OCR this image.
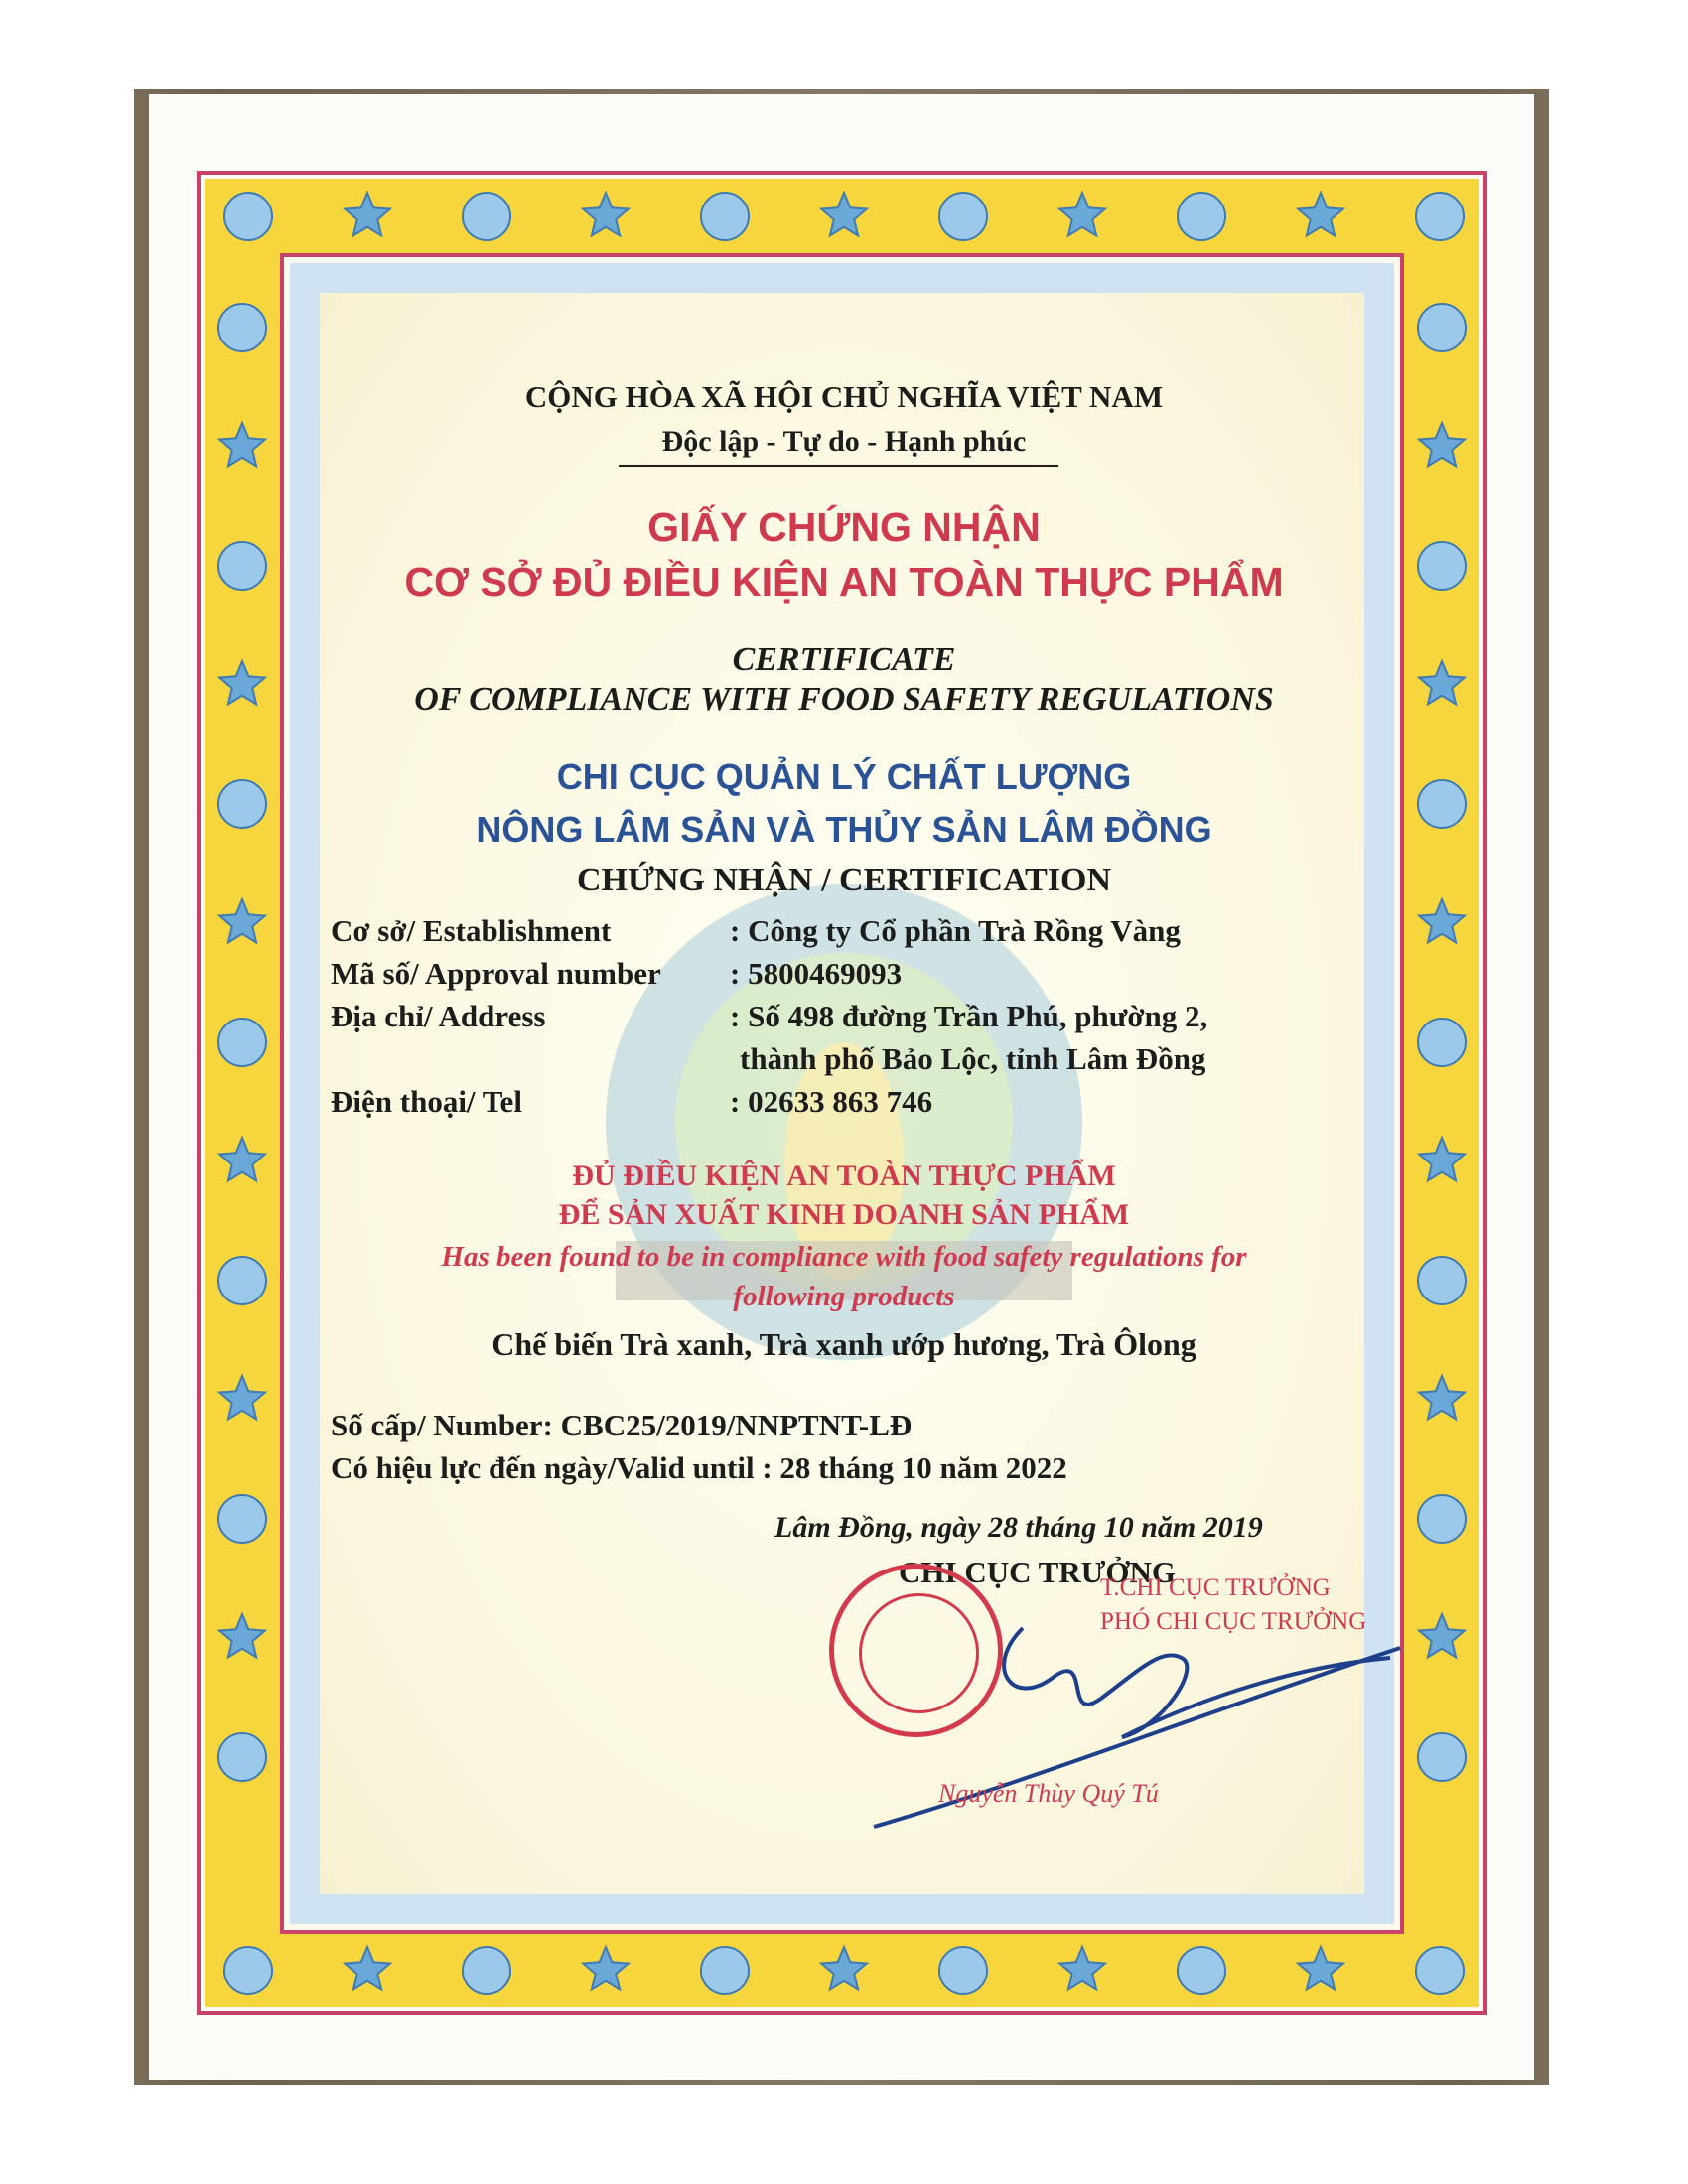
CỘNG HÒA XÃ HỘI CHỦ NGHĨA VIỆT NAM
Độc lập - Tự do - Hạnh phúc
GIẤY CHỨNG NHẬN
CƠ SỞ ĐỦ ĐIỀU KIỆN AN TOÀN THỰC PHẨM
CERTIFICATE
OF COMPLIANCE WITH FOOD SAFETY REGULATIONS
CHI CỤC QUẢN LÝ CHẤT LƯỢNG
NÔNG LÂM SẢN VÀ THỦY SẢN LÂM ĐỒNG
CHỨNG NHẬN / CERTIFICATION
Cơ sở/ Establishment	: Công ty Cổ phần Trà Rồng Vàng
Mã số/ Approval number : 5800469093
Địa chỉ/ Address	: Số 498 đường Trần Phú, phường 2,
thành phố Bảo Lộc, tỉnh Lâm Đồng
Điện thoại/ Tel	: 02633 863 746
ĐỦ ĐIỀU KIỆN AN TOÀN THỰC PHẨM
ĐỂ SẢN XUẤT KINH DOANH SẢN PHẨM
Has been found to be in compliance with food safety regulations for
following products
Chế biến Trà xanh, Trà xanh ướp hương, Trà Ôlong
Số cấp/ Number: CBC25/2019/NNPTNT-LĐ
Có hiệu lực đến ngày/Valid until : 28 tháng 10 năm 2022
Lâm Đồng, ngày 28 tháng 10 năm 2019
CHI CỤC TRƯỞNG
T.CHI CỤC TRƯỞNG
PHÓ CHI CỤC TRƯỞNG
Nguyễn Thùy Quý Tú
